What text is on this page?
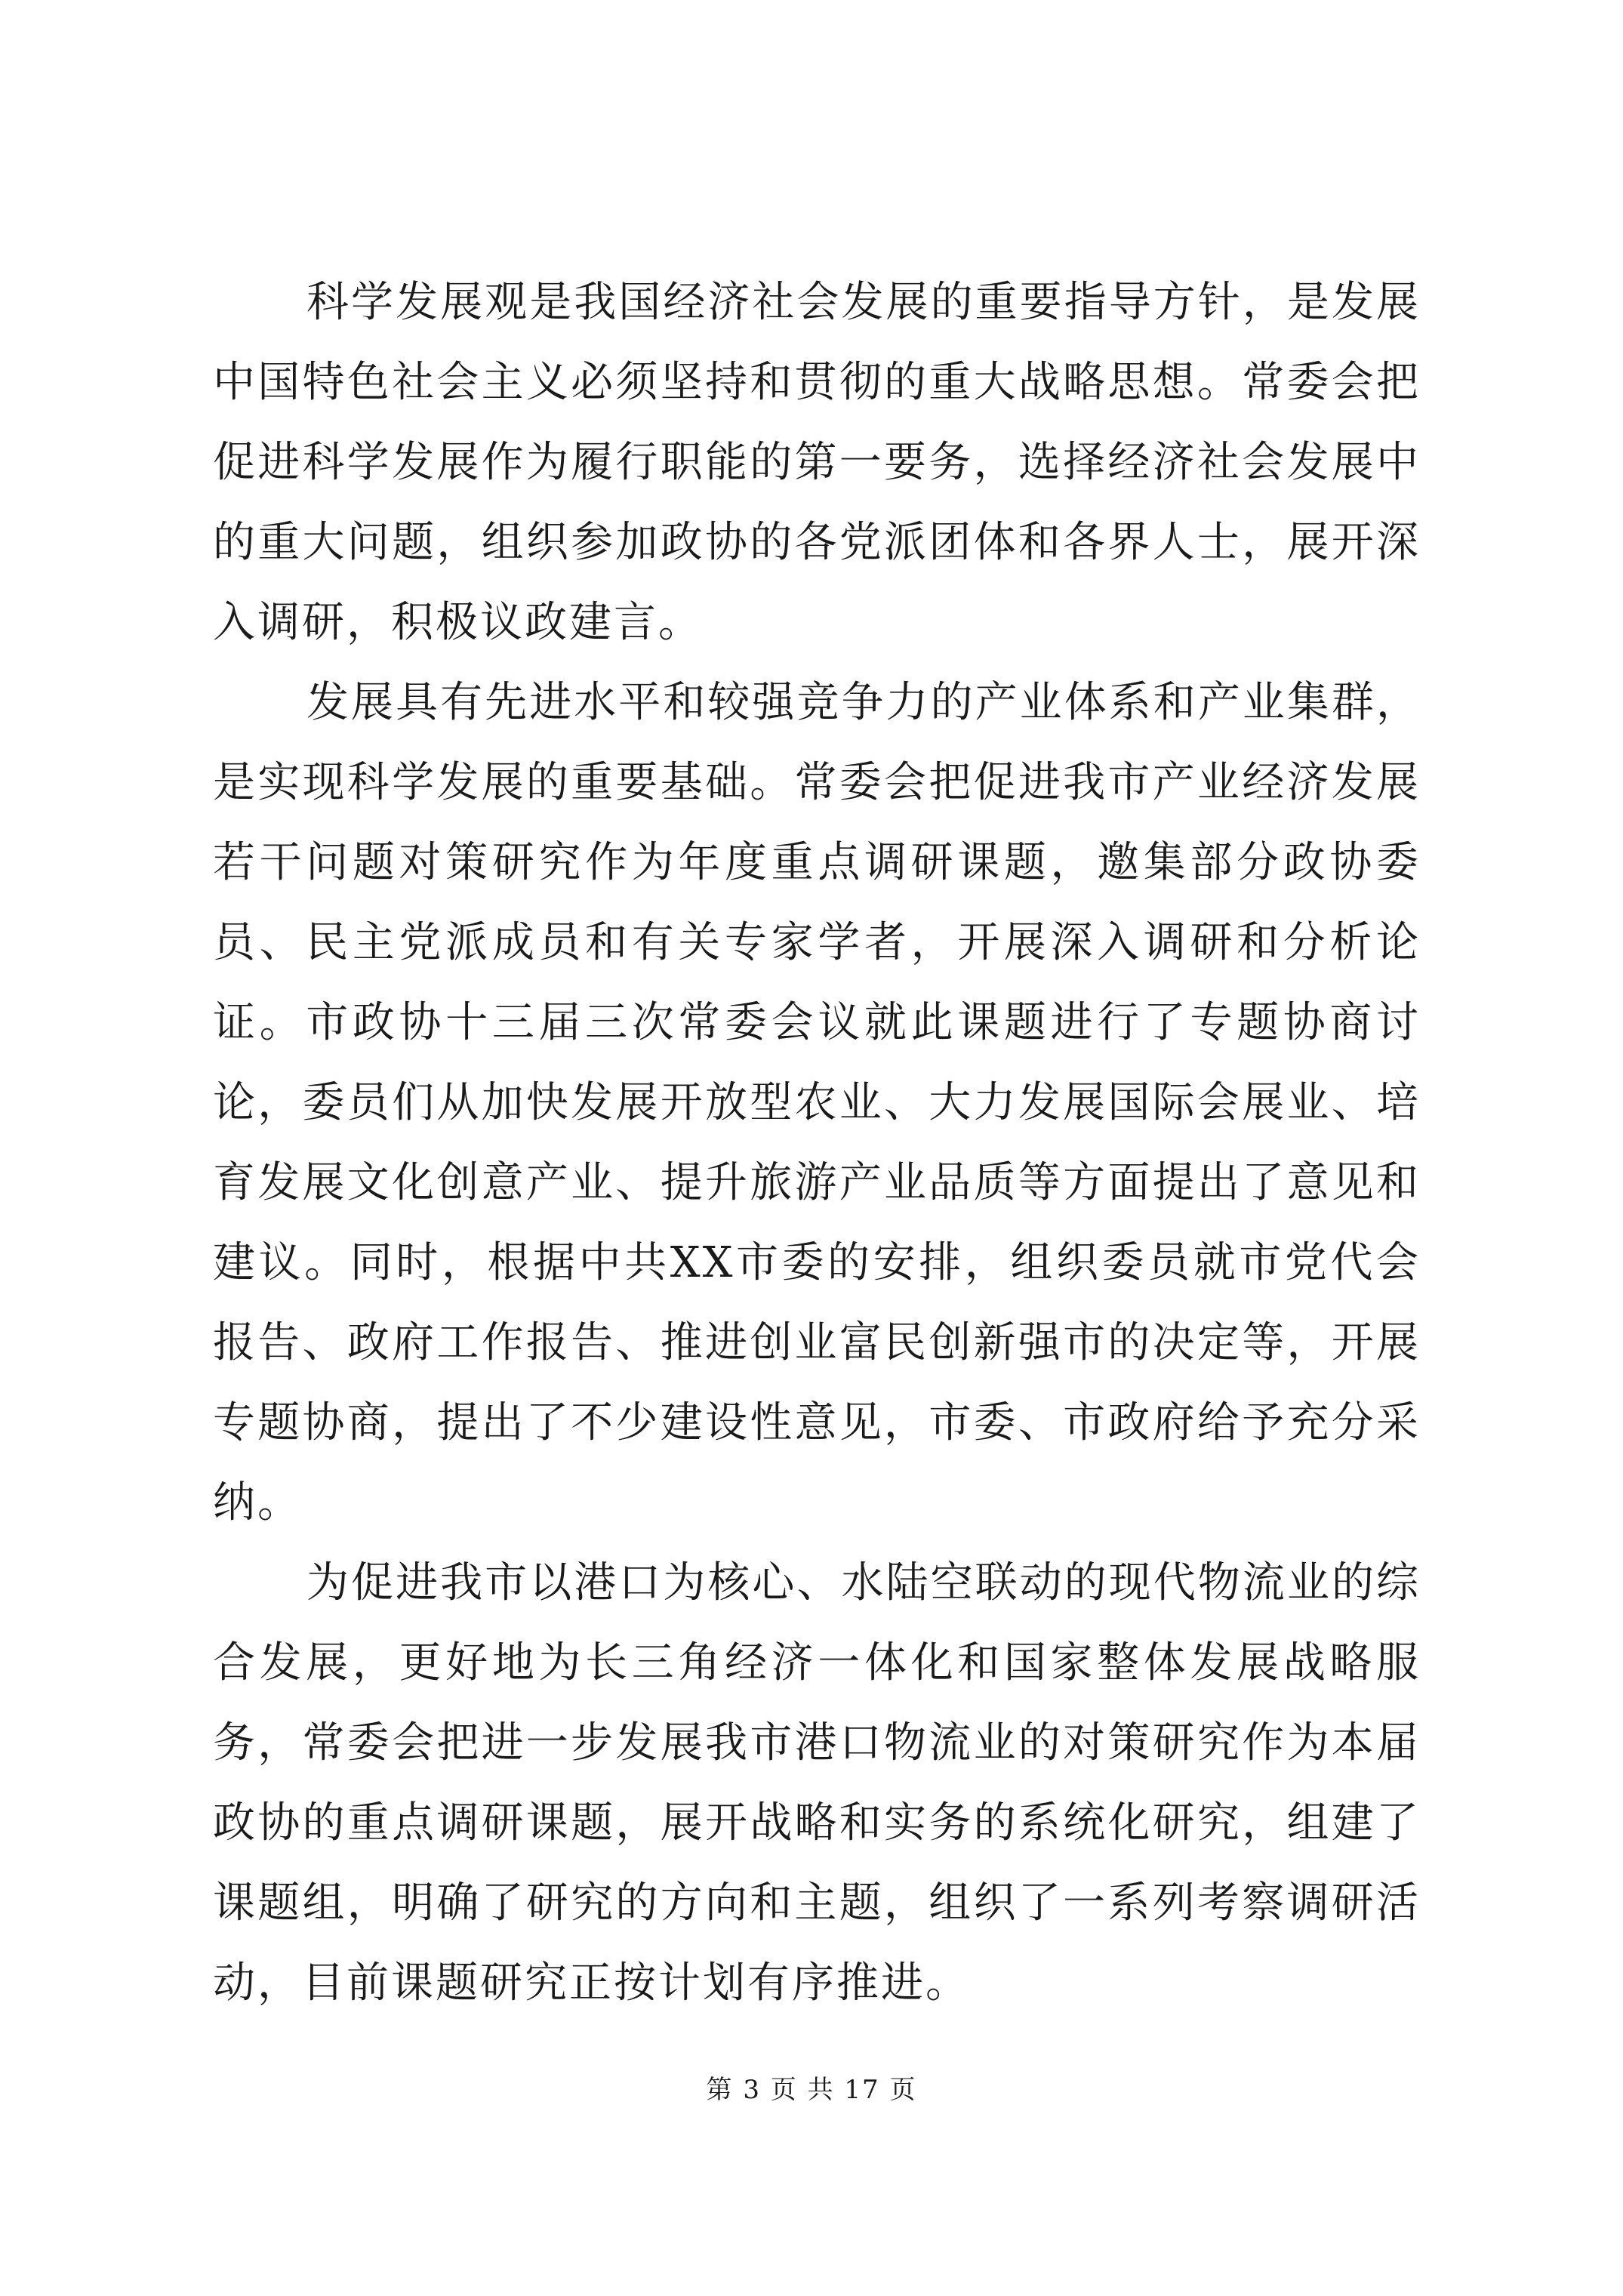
科学发展观是我国经济社会发展的重要指导方针，是发展中国特色社会主义必须坚持和贯彻的重大战略思想。常委会把促进科学发展作为履行职能的第一要务，选择经济社会发展中的重大问题，组织参加政协的各党派团体和各界人士，展开深入调研，积极议政建言。

发展具有先进水平和较强竞争力的产业体系和产业集群，是实现科学发展的重要基础。常委会把促进我市产业经济发展若干问题对策研究作为年度重点调研课题，邀集部分政协委员、民主党派成员和有关专家学者，开展深入调研和分析论证。市政协十三届三次常委会议就此课题进行了专题协商讨论，委员们从加快发展开放型农业、大力发展国际会展业、培育发展文化创意产业、提升旅游产业品质等方面提出了意见和建议。同时，根据中共XX市委的安排，组织委员就市党代会报告、政府工作报告、推进创业富民创新强市的决定等，开展专题协商，提出了不少建设性意见，市委、市政府给予充分采纳。

为促进我市以港口为核心、水陆空联动的现代物流业的综合发展，更好地为长三角经济一体化和国家整体发展战略服务，常委会把进一步发展我市港口物流业的对策研究作为本届政协的重点调研课题，展开战略和实务的系统化研究，组建了课题组，明确了研究的方向和主题，组织了一系列考察调研活动，目前课题研究正按计划有序推进。

第 3 页 共 17 页
